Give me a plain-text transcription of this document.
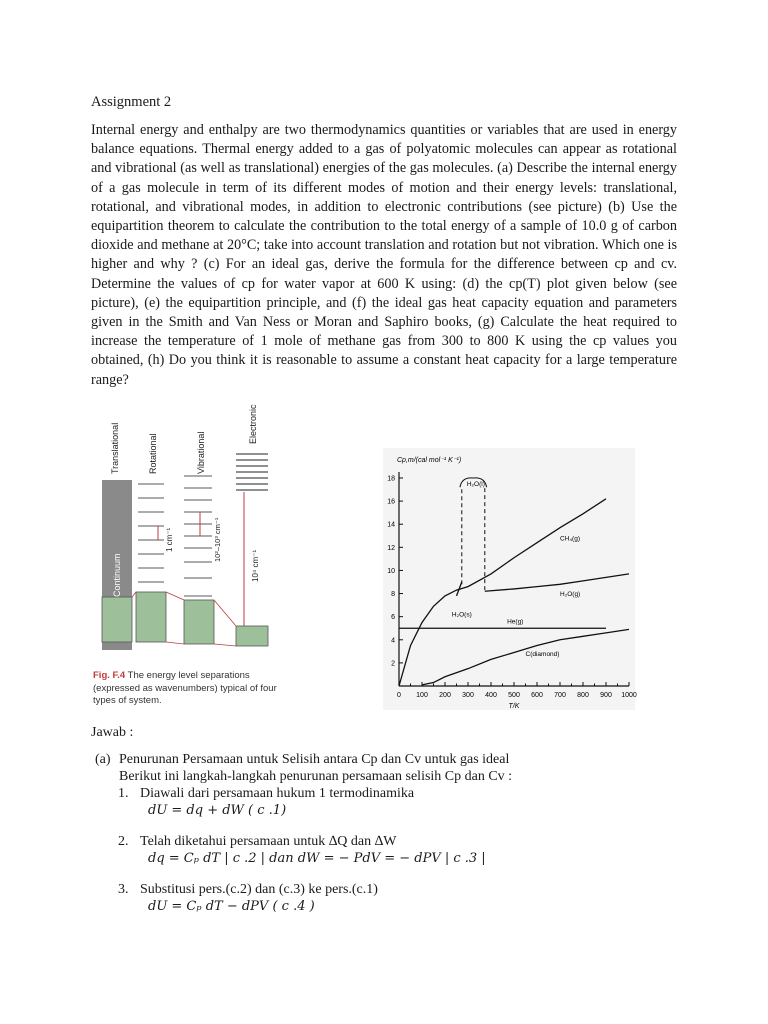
Assignment 2
Internal energy and enthalpy are two thermodynamics quantities or variables that are used in energy balance equations. Thermal energy added to a gas of polyatomic molecules can appear as rotational and vibrational (as well as translational) energies of the gas molecules. (a) Describe the internal energy of a gas molecule in term of its different modes of motion and their energy levels: translational, rotational, and vibrational modes, in addition to electronic contributions (see picture) (b) Use the equipartition theorem to calculate the contribution to the total energy of a sample of 10.0 g of carbon dioxide and methane at 20°C; take into account translation and rotation but not vibration. Which one is higher and why ? (c) For an ideal gas, derive the formula for the difference between cp and cv. Determine the values of cp for water vapor at 600 K using: (d) the cp(T) plot given below (see picture), (e) the equipartition principle, and (f) the ideal gas heat capacity equation and parameters given in the Smith and Van Ness or Moran and Saphiro books, (g) Calculate the heat required to increase the temperature of 1 mole of methane gas from 300 to 800 K using the cp values you obtained, (h) Do you think it is reasonable to assume a constant heat capacity for a large temperature range?
Continuum
Translational	Rotational
1 cm⁻¹
Vibrational
10²–10³ cm⁻¹
Electronic
10⁴ cm⁻¹
Fig. F.4 The energy level separations (expressed as wavenumbers) typical of four types of system.	0 100 200 300 400 500 600 700 800 900 1000
2
4
6
8
10
12
14
16
18
Cp,m/(cal mol⁻¹ K⁻¹)
T/K
H₂O(l)
CH₄(g)
H₂O(g)
H₂O(s)
He(g)
C(diamond)
Jawab :
(a) Penurunan Persamaan untuk Selisih antara Cp dan Cv untuk gas ideal
Berikut ini langkah-langkah penurunan persamaan selisih Cp dan Cv :
1. Diawali dari persamaan hukum 1 termodinamika
dU = dq + dW ( c .1)
2. Telah diketahui persamaan untuk ∆Q dan ∆W
dq = Cₚ dT | c .2 | dan dW = − PdV = − dPV | c .3 |
3. Substitusi pers.(c.2) dan (c.3) ke pers.(c.1)
dU = Cₚ dT − dPV ( c .4 )
